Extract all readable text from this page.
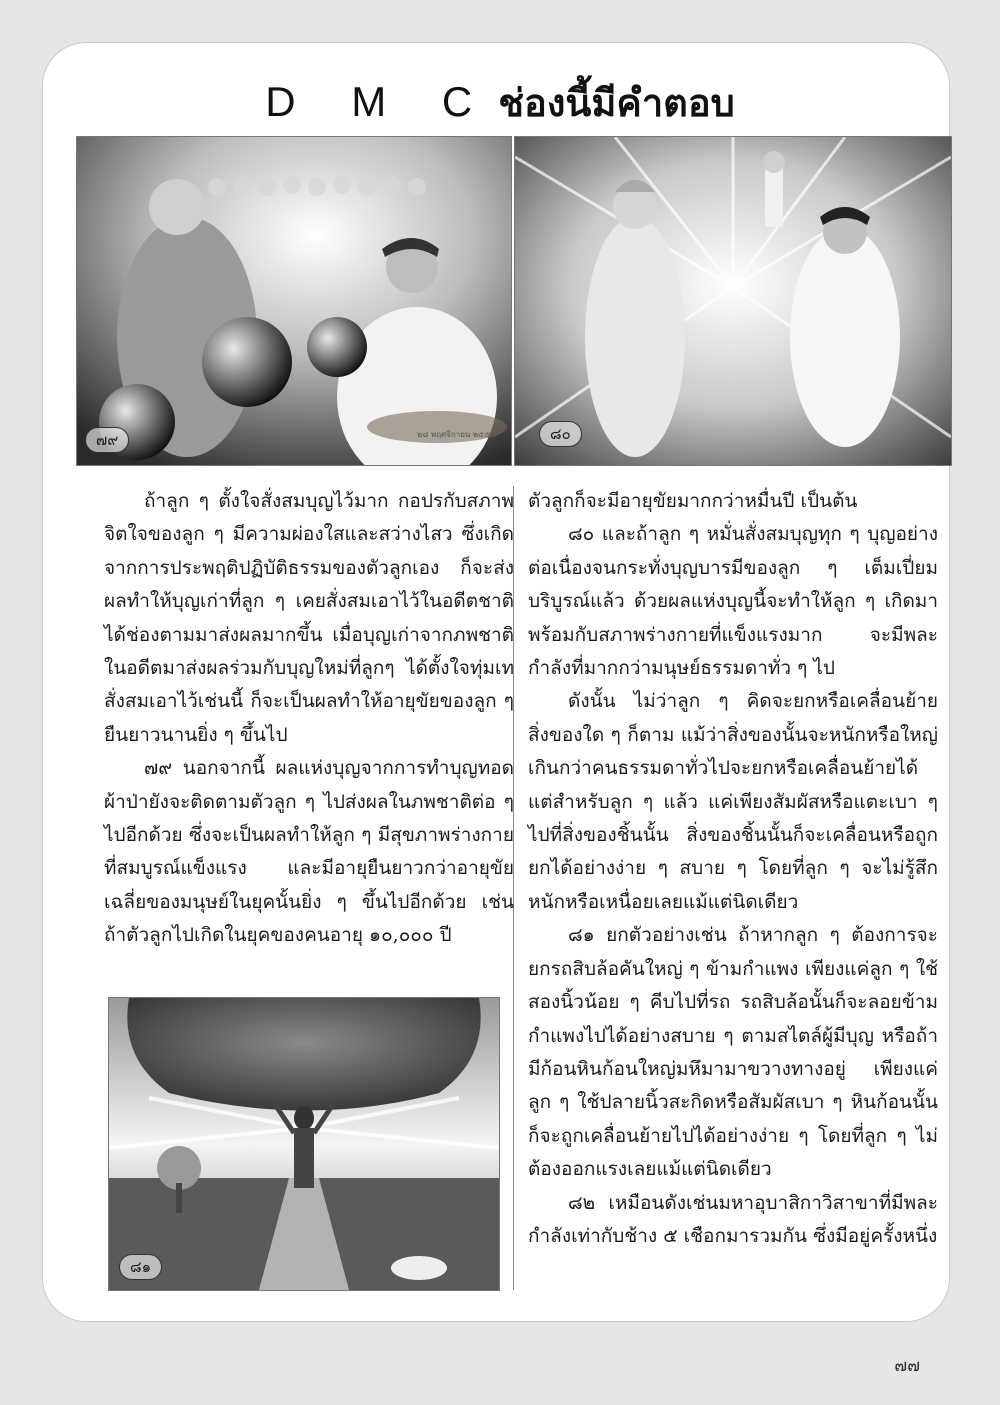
D M C ช่องนี้มีคำตอบ
๒๘ พฤศจิกายน ๒๕๕๔
๗๙	๘๐
๘๑

ถ้าลูก ๆ ตั้งใจสั่งสมบุญไว้มาก กอปรกับสภาพจิตใจของลูก ๆ มีความผ่องใสและสว่างไสว ซึ่งเกิดจากการประพฤติปฏิบัติธรรมของตัวลูกเอง ก็จะส่งผลทำให้บุญเก่าที่ลูก ๆ เคยสั่งสมเอาไว้ในอดีตชาติได้ช่องตามมาส่งผลมากขึ้น เมื่อบุญเก่าจากภพชาติในอดีตมาส่งผลร่วมกับบุญใหม่ที่ลูกๆ ได้ตั้งใจทุ่มเทสั่งสมเอาไว้เช่นนี้ ก็จะเป็นผลทำให้อายุขัยของลูก ๆ ยืนยาวนานยิ่ง ๆ ขึ้นไป

๗๙ นอกจากนี้ ผลแห่งบุญจากการทำบุญทอดผ้าป่ายังจะติดตามตัวลูก ๆ ไปส่งผลในภพชาติต่อ ๆ ไปอีกด้วย ซึ่งจะเป็นผลทำให้ลูก ๆ มีสุขภาพร่างกายที่สมบูรณ์แข็งแรง และมีอายุยืนยาวกว่าอายุขัยเฉลี่ยของมนุษย์ในยุคนั้นยิ่ง ๆ ขึ้นไปอีกด้วย เช่น ถ้าตัวลูกไปเกิดในยุคของคนอายุ ๑๐,๐๐๐ ปี

ตัวลูกก็จะมีอายุขัยมากกว่าหมื่นปี เป็นต้น

๘๐ และถ้าลูก ๆ หมั่นสั่งสมบุญทุก ๆ บุญอย่างต่อเนื่องจนกระทั่งบุญบารมีของลูก ๆ เต็มเปี่ยมบริบูรณ์แล้ว ด้วยผลแห่งบุญนี้จะทำให้ลูก ๆ เกิดมาพร้อมกับสภาพร่างกายที่แข็งแรงมาก จะมีพละกำลังที่มากกว่ามนุษย์ธรรมดาทั่ว ๆ ไป

ดังนั้น ไม่ว่าลูก ๆ คิดจะยกหรือเคลื่อนย้ายสิ่งของใด ๆ ก็ตาม แม้ว่าสิ่งของนั้นจะหนักหรือใหญ่เกินกว่าคนธรรมดาทั่วไปจะยกหรือเคลื่อนย้ายได้ แต่สำหรับลูก ๆ แล้ว แค่เพียงสัมผัสหรือแตะเบา ๆ ไปที่สิ่งของชิ้นนั้น สิ่งของชิ้นนั้นก็จะเคลื่อนหรือถูกยกได้อย่างง่าย ๆ สบาย ๆ โดยที่ลูก ๆ จะไม่รู้สึกหนักหรือเหนื่อยเลยแม้แต่นิดเดียว

๘๑ ยกตัวอย่างเช่น ถ้าหากลูก ๆ ต้องการจะยกรถสิบล้อคันใหญ่ ๆ ข้ามกำแพง เพียงแค่ลูก ๆ ใช้สองนิ้วน้อย ๆ คีบไปที่รถ รถสิบล้อนั้นก็จะลอยข้ามกำแพงไปได้อย่างสบาย ๆ ตามสไตล์ผู้มีบุญ หรือถ้ามีก้อนหินก้อนใหญ่มหึมามาขวางทางอยู่ เพียงแค่ลูก ๆ ใช้ปลายนิ้วสะกิดหรือสัมผัสเบา ๆ หินก้อนนั้นก็จะถูกเคลื่อนย้ายไปได้อย่างง่าย ๆ โดยที่ลูก ๆ ไม่ต้องออกแรงเลยแม้แต่นิดเดียว

๘๒ เหมือนดังเช่นมหาอุบาสิกาวิสาขาที่มีพละกำลังเท่ากับช้าง ๕ เชือกมารวมกัน ซึ่งมีอยู่ครั้งหนึ่ง

๗๗
